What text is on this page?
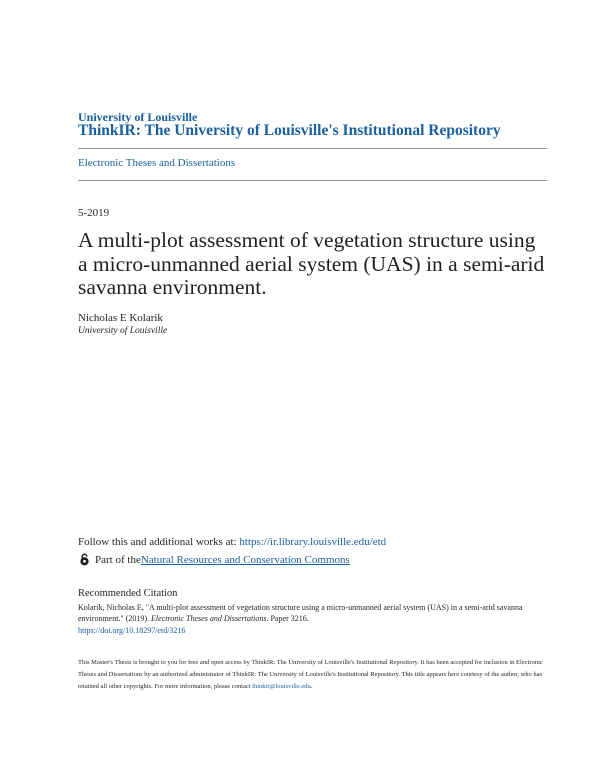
University of Louisville
ThinkIR: The University of Louisville's Institutional Repository
Electronic Theses and Dissertations
5-2019
A multi-plot assessment of vegetation structure using a micro-unmanned aerial system (UAS) in a semi-arid savanna environment.
Nicholas E Kolarik
University of Louisville
Follow this and additional works at: https://ir.library.louisville.edu/etd
Part of the Natural Resources and Conservation Commons
Recommended Citation
Kolarik, Nicholas E, "A multi-plot assessment of vegetation structure using a micro-unmanned aerial system (UAS) in a semi-arid savanna environment." (2019). Electronic Theses and Dissertations. Paper 3216.
https://doi.org/10.18297/etd/3216
This Master's Thesis is brought to you for free and open access by ThinkIR: The University of Louisville's Institutional Repository. It has been accepted for inclusion in Electronic Theses and Dissertations by an authorized administrator of ThinkIR: The University of Louisville's Institutional Repository. This title appears here courtesy of the author, who has retained all other copyrights. For more information, please contact thinkir@louisville.edu.
